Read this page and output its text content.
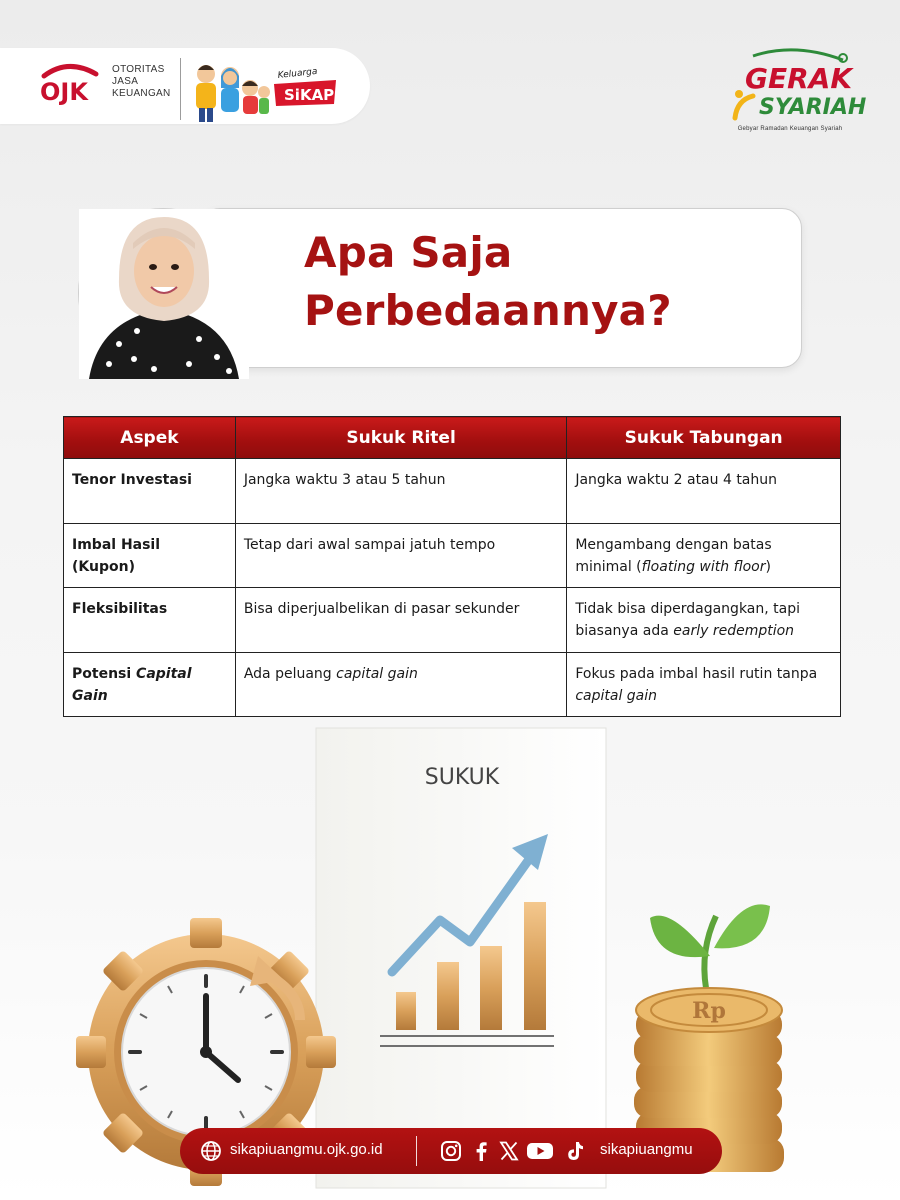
OJK
OTORITAS
JASA
KEUANGAN
Keluarga
SiKAPI	GERAK
SYARIAH
Gebyar Ramadan Keuangan Syariah
Apa Saja
Perbedaannya?
Aspek	Sukuk Ritel	Sukuk Tabungan
Tenor Investasi	Jangka waktu 3 atau 5 tahun	Jangka waktu 2 atau 4 tahun
Imbal Hasil (Kupon)	Tetap dari awal sampai jatuh tempo	Mengambang dengan batas minimal (floating with floor)
Fleksibilitas	Bisa diperjualbelikan di pasar sekunder	Tidak bisa diperdagangkan, tapi biasanya ada early redemption
Potensi Capital Gain	Ada peluang capital gain	Fokus pada imbal hasil rutin tanpa capital gain
SUKUK
Rp
sikapiuangmu.ojk.go.id	sikapiuangmu
